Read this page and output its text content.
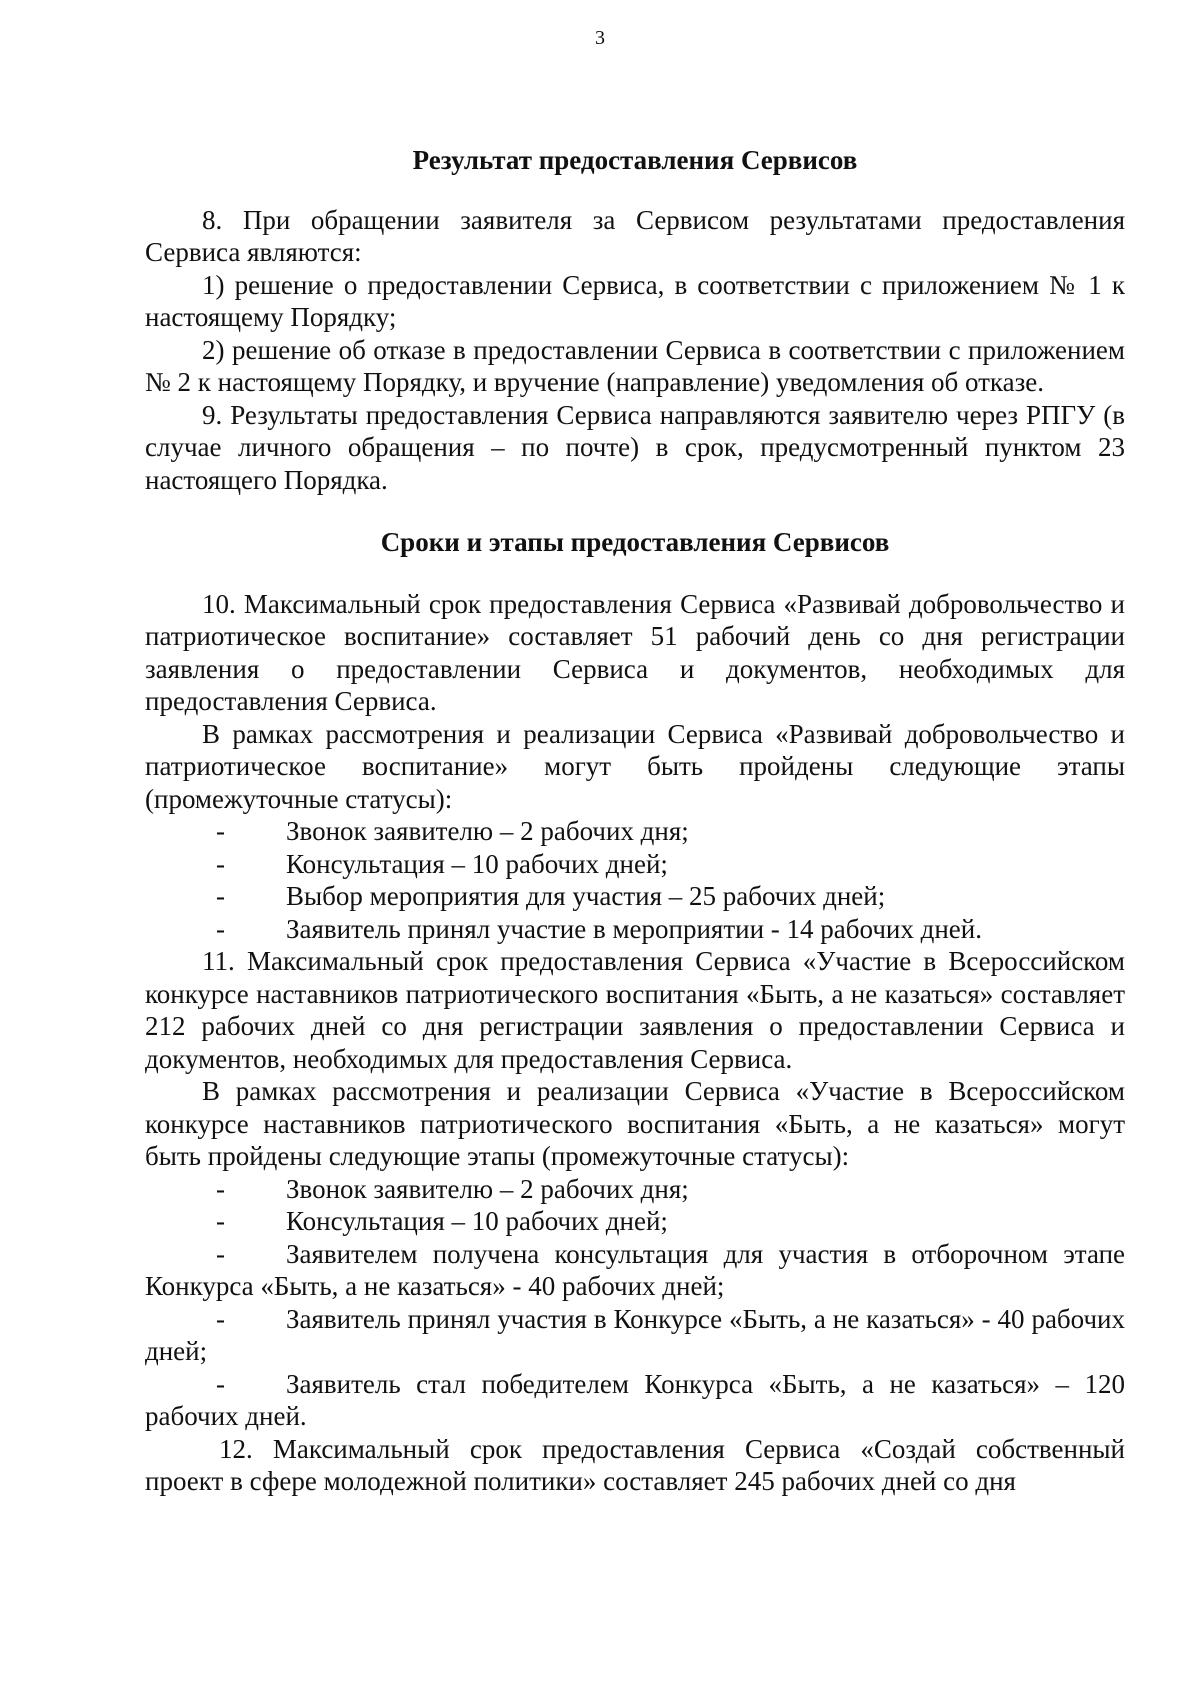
3
Результат предоставления Сервисов

8. При обращении заявителя за Сервисом результатами предоставления Сервиса являются:

1) решение о предоставлении Сервиса, в соответствии с приложением № 1 к настоящему Порядку;

2) решение об отказе в предоставлении Сервиса в соответствии с приложением № 2 к настоящему Порядку, и вручение (направление) уведомления об отказе.

9. Результаты предоставления Сервиса направляются заявителю через РПГУ (в случае личного обращения – по почте) в срок, предусмотренный пунктом 23 настоящего Порядка.

Сроки и этапы предоставления Сервисов

10. Максимальный срок предоставления Сервиса «Развивай добровольчество и патриотическое воспитание» составляет 51 рабочий день со дня регистрации заявления о предоставлении Сервиса и документов, необходимых для предоставления Сервиса.

В рамках рассмотрения и реализации Сервиса «Развивай добровольчество и патриотическое воспитание» могут быть пройдены следующие этапы (промежуточные статусы):

-	Звонок заявителю – 2 рабочих дня;
-	Консультация – 10 рабочих дней;
-	Выбор мероприятия для участия – 25 рабочих дней;
-	Заявитель принял участие в мероприятии - 14 рабочих дней.

11. Максимальный срок предоставления Сервиса «Участие в Всероссийском конкурсе наставников патриотического воспитания «Быть, а не казаться» составляет 212 рабочих дней со дня регистрации заявления о предоставлении Сервиса и документов, необходимых для предоставления Сервиса.

В рамках рассмотрения и реализации Сервиса «Участие в Всероссийском конкурсе наставников патриотического воспитания «Быть, а не казаться» могут быть пройдены следующие этапы (промежуточные статусы):

-	Звонок заявителю – 2 рабочих дня;
-	Консультация – 10 рабочих дней;

- Заявителем получена консультация для участия в отборочном этапе Конкурса «Быть, а не казаться» - 40 рабочих дней;

- Заявитель принял участия в Конкурсе «Быть, а не казаться» - 40 рабочих дней;

- Заявитель стал победителем Конкурса «Быть, а не казаться» – 120 рабочих дней.

12. Максимальный срок предоставления Сервиса «Создай собственный проект в сфере молодежной политики» составляет 245 рабочих дней со дня
